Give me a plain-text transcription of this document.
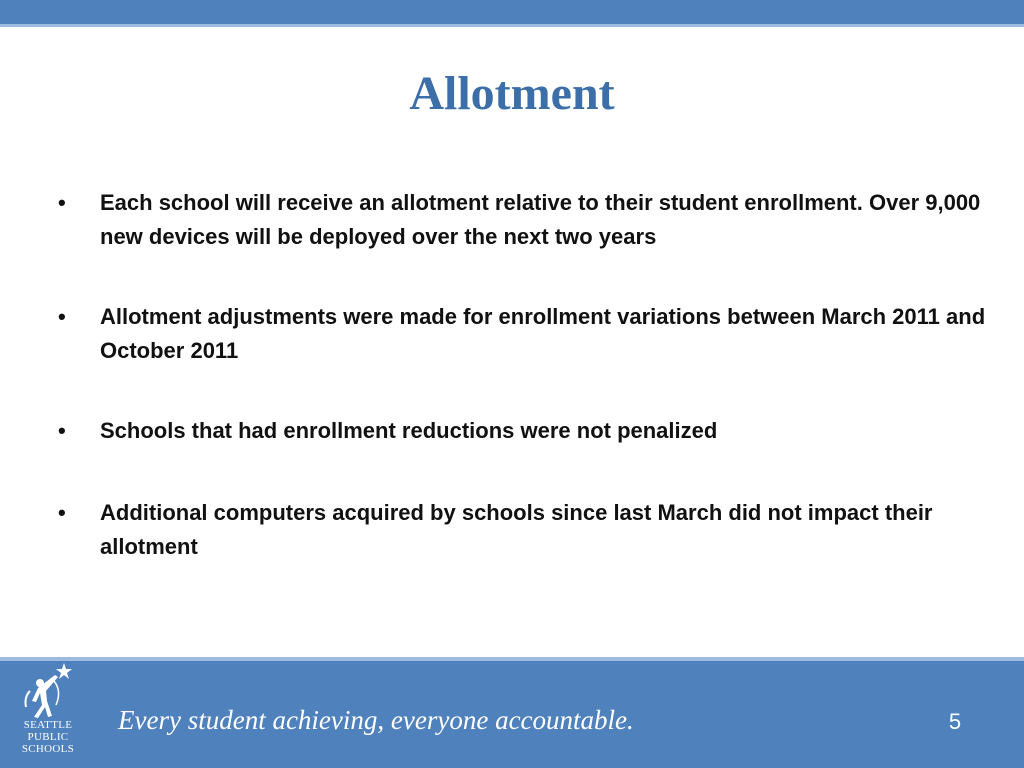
Allotment
• Each school will receive an allotment relative to their student enrollment. Over 9,000 new devices will be deployed over the next two years
• Allotment adjustments were made for enrollment variations between March 2011 and October 2011
• Schools that had enrollment reductions were not penalized
• Additional computers acquired by schools since last March did not impact their allotment
SEATTLE PUBLIC SCHOOLS
Every student achieving, everyone accountable.	5
